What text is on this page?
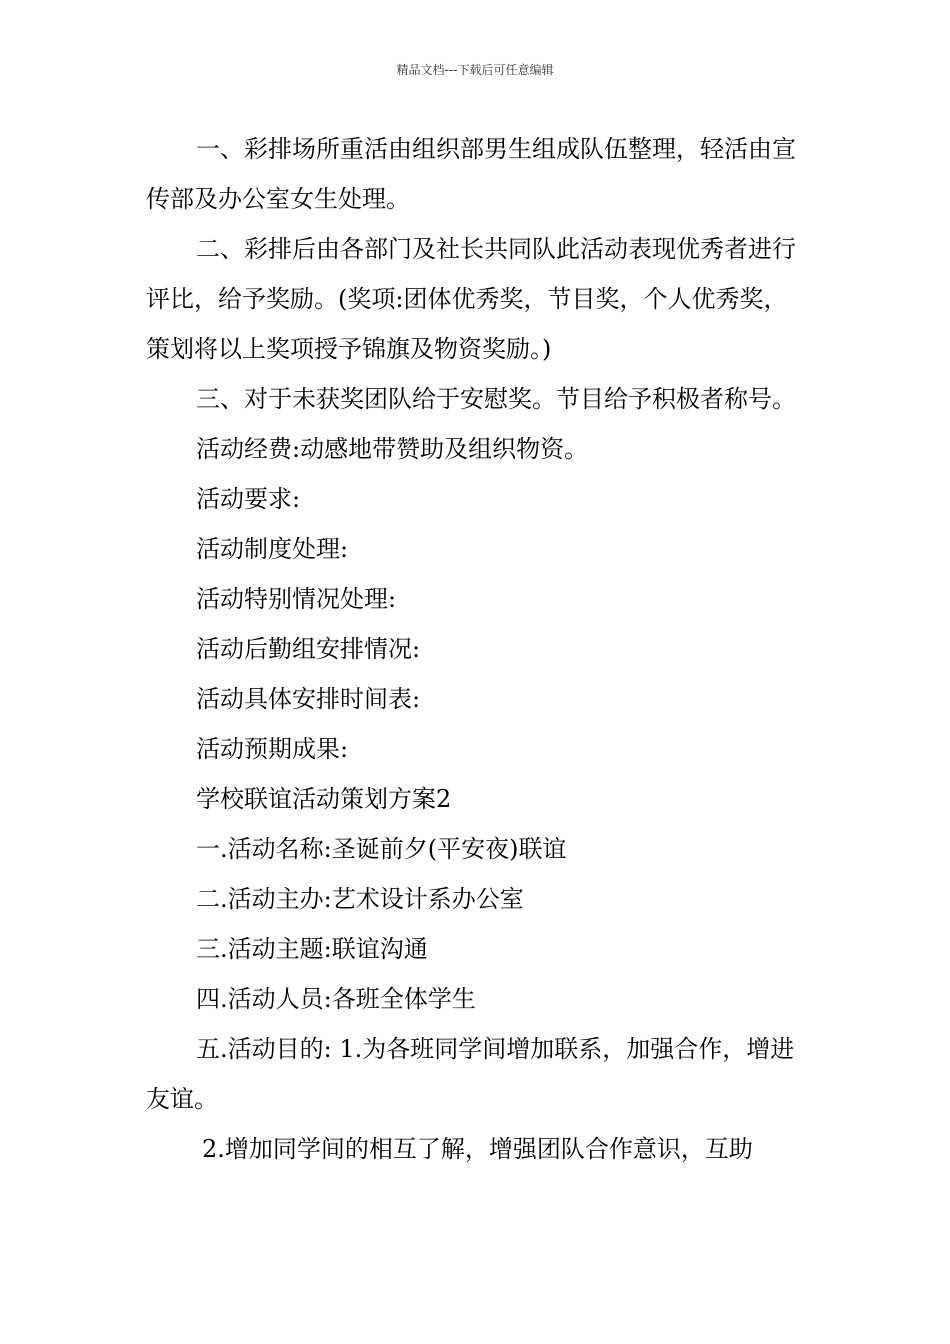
精品文档---下载后可任意编辑

一、彩排场所重活由组织部男生组成队伍整理，轻活由宣传部及办公室女生处理。

二、彩排后由各部门及社长共同队此活动表现优秀者进行评比，给予奖励。(奖项:团体优秀奖，节目奖，个人优秀奖，策划将以上奖项授予锦旗及物资奖励。)

三、对于未获奖团队给于安慰奖。节目给予积极者称号。

活动经费:动感地带赞助及组织物资。

活动要求:

活动制度处理:

活动特别情况处理:

活动后勤组安排情况:

活动具体安排时间表:

活动预期成果:

学校联谊活动策划方案2

一.活动名称:圣诞前夕(平安夜)联谊

二.活动主办:艺术设计系办公室

三.活动主题:联谊沟通

四.活动人员:各班全体学生

五.活动目的: 1.为各班同学间增加联系，加强合作，增进友谊。

2.增加同学间的相互了解，增强团队合作意识，互助
